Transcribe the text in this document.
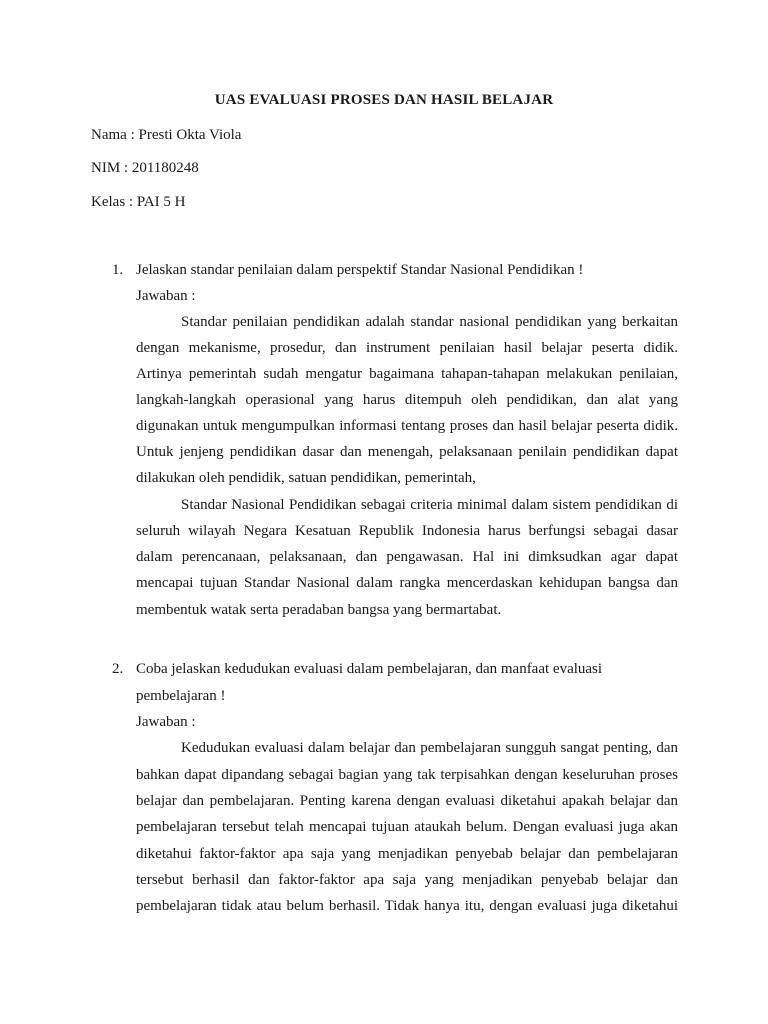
UAS EVALUASI PROSES DAN HASIL BELAJAR

Nama : Presti Okta Viola

NIM : 201180248

Kelas : PAI 5 H

1. Jelaskan standar penilaian dalam perspektif Standar Nasional Pendidikan !
Jawaban :
Standar penilaian pendidikan adalah standar nasional pendidikan yang berkaitan
dengan mekanisme, prosedur, dan instrument penilaian hasil belajar peserta didik.
Artinya pemerintah sudah mengatur bagaimana tahapan-tahapan melakukan penilaian,
langkah-langkah operasional yang harus ditempuh oleh pendidikan, dan alat yang
digunakan untuk mengumpulkan informasi tentang proses dan hasil belajar peserta didik.
Untuk jenjeng pendidikan dasar dan menengah, pelaksanaan penilain pendidikan dapat
dilakukan oleh pendidik, satuan pendidikan, pemerintah,
Standar Nasional Pendidikan sebagai criteria minimal dalam sistem pendidikan di
seluruh wilayah Negara Kesatuan Republik Indonesia harus berfungsi sebagai dasar
dalam perencanaan, pelaksanaan, dan pengawasan. Hal ini dimksudkan agar dapat
mencapai tujuan Standar Nasional dalam rangka mencerdaskan kehidupan bangsa dan
membentuk watak serta peradaban bangsa yang bermartabat.
2. Coba jelaskan kedudukan evaluasi dalam pembelajaran, dan manfaat evaluasi
pembelajaran !
Jawaban :
Kedudukan evaluasi dalam belajar dan pembelajaran sungguh sangat penting, dan
bahkan dapat dipandang sebagai bagian yang tak terpisahkan dengan keseluruhan proses
belajar dan pembelajaran. Penting karena dengan evaluasi diketahui apakah belajar dan
pembelajaran tersebut telah mencapai tujuan ataukah belum. Dengan evaluasi juga akan
diketahui faktor-faktor apa saja yang menjadikan penyebab belajar dan pembelajaran
tersebut berhasil dan faktor-faktor apa saja yang menjadikan penyebab belajar dan
pembelajaran tidak atau belum berhasil. Tidak hanya itu, dengan evaluasi juga diketahui
